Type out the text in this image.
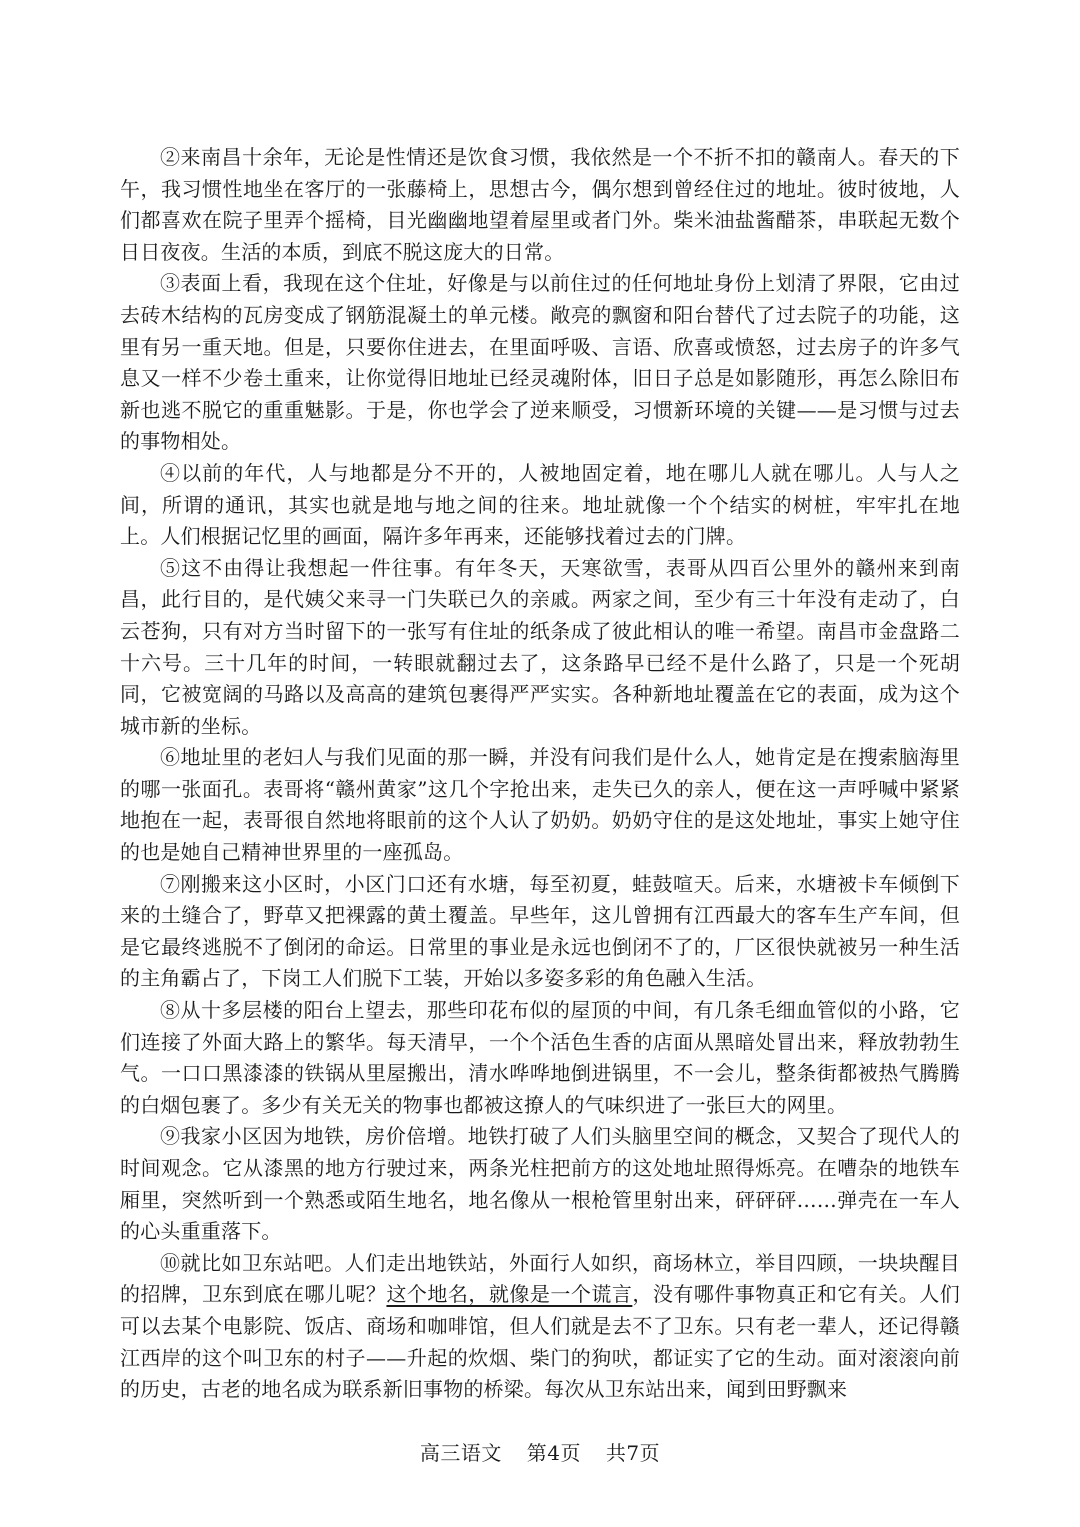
②来南昌十余年，无论是性情还是饮食习惯，我依然是一个不折不扣的赣南人。春天的下午，我习惯性地坐在客厅的一张藤椅上，思想古今，偶尔想到曾经住过的地址。彼时彼地，人们都喜欢在院子里弄个摇椅，目光幽幽地望着屋里或者门外。柴米油盐酱醋茶，串联起无数个日日夜夜。生活的本质，到底不脱这庞大的日常。

③表面上看，我现在这个住址，好像是与以前住过的任何地址身份上划清了界限，它由过去砖木结构的瓦房变成了钢筋混凝土的单元楼。敞亮的飘窗和阳台替代了过去院子的功能，这里有另一重天地。但是，只要你住进去，在里面呼吸、言语、欣喜或愤怒，过去房子的许多气息又一样不少卷土重来，让你觉得旧地址已经灵魂附体，旧日子总是如影随形，再怎么除旧布新也逃不脱它的重重魅影。于是，你也学会了逆来顺受，习惯新环境的关键——是习惯与过去的事物相处。

④以前的年代，人与地都是分不开的，人被地固定着，地在哪儿人就在哪儿。人与人之间，所谓的通讯，其实也就是地与地之间的往来。地址就像一个个结实的树桩，牢牢扎在地上。人们根据记忆里的画面，隔许多年再来，还能够找着过去的门牌。

⑤这不由得让我想起一件往事。有年冬天，天寒欲雪，表哥从四百公里外的赣州来到南昌，此行目的，是代姨父来寻一门失联已久的亲戚。两家之间，至少有三十年没有走动了，白云苍狗，只有对方当时留下的一张写有住址的纸条成了彼此相认的唯一希望。南昌市金盘路二十六号。三十几年的时间，一转眼就翻过去了，这条路早已经不是什么路了，只是一个死胡同，它被宽阔的马路以及高高的建筑包裹得严严实实。各种新地址覆盖在它的表面，成为这个城市新的坐标。

⑥地址里的老妇人与我们见面的那一瞬，并没有问我们是什么人，她肯定是在搜索脑海里的哪一张面孔。表哥将“赣州黄家”这几个字抢出来，走失已久的亲人，便在这一声呼喊中紧紧地抱在一起，表哥很自然地将眼前的这个人认了奶奶。奶奶守住的是这处地址，事实上她守住的也是她自己精神世界里的一座孤岛。

⑦刚搬来这小区时，小区门口还有水塘，每至初夏，蛙鼓喧天。后来，水塘被卡车倾倒下来的土缝合了，野草又把裸露的黄土覆盖。早些年，这儿曾拥有江西最大的客车生产车间，但是它最终逃脱不了倒闭的命运。日常里的事业是永远也倒闭不了的，厂区很快就被另一种生活的主角霸占了，下岗工人们脱下工装，开始以多姿多彩的角色融入生活。

⑧从十多层楼的阳台上望去，那些印花布似的屋顶的中间，有几条毛细血管似的小路，它们连接了外面大路上的繁华。每天清早，一个个活色生香的店面从黑暗处冒出来，释放勃勃生气。一口口黑漆漆的铁锅从里屋搬出，清水哗哗地倒进锅里，不一会儿，整条街都被热气腾腾的白烟包裹了。多少有关无关的物事也都被这撩人的气味织进了一张巨大的网里。

⑨我家小区因为地铁，房价倍增。地铁打破了人们头脑里空间的概念，又契合了现代人的时间观念。它从漆黑的地方行驶过来，两条光柱把前方的这处地址照得烁亮。在嘈杂的地铁车厢里，突然听到一个熟悉或陌生地名，地名像从一根枪管里射出来，砰砰砰……弹壳在一车人的心头重重落下。

⑩就比如卫东站吧。人们走出地铁站，外面行人如织，商场林立，举目四顾，一块块醒目的招牌，卫东到底在哪儿呢？这个地名，就像是一个谎言，没有哪件事物真正和它有关。人们可以去某个电影院、饭店、商场和咖啡馆，但人们就是去不了卫东。只有老一辈人，还记得赣江西岸的这个叫卫东的村子——升起的炊烟、柴门的狗吠，都证实了它的生动。面对滚滚向前的历史，古老的地名成为联系新旧事物的桥梁。每次从卫东站出来，闻到田野飘来

高三语文 第4页 共7页
